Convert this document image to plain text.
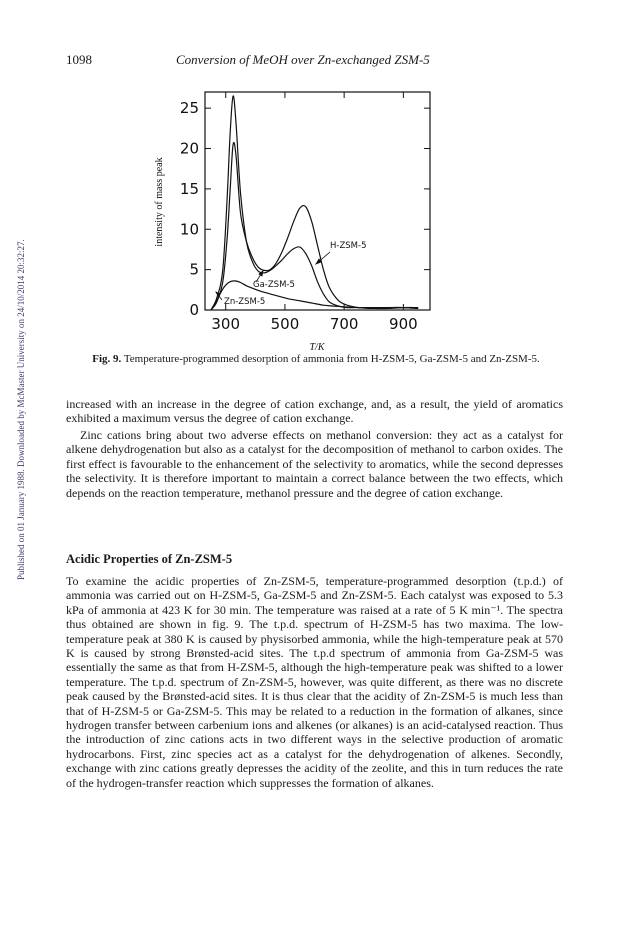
1098	Conversion of MeOH over Zn-exchanged ZSM-5
Published on 01 January 1988. Downloaded by McMaster University on 24/10/2014 20:32:27.
25
20
15
10
5
0
300 500 700 900
intensity of mass peak
T/K
H-ZSM-5
Ga-ZSM-5
Zn-ZSM-5
Fig. 9. Temperature-programmed desorption of ammonia from H-ZSM-5, Ga-ZSM-5 and Zn-ZSM-5.

increased with an increase in the degree of cation exchange, and, as a result, the yield of aromatics exhibited a maximum versus the degree of cation exchange.

Zinc cations bring about two adverse effects on methanol conversion: they act as a catalyst for alkene dehydrogenation but also as a catalyst for the decomposition of methanol to carbon oxides. The first effect is favourable to the enhancement of the selectivity to aromatics, while the second depresses the selectivity. It is therefore important to maintain a correct balance between the two effects, which depends on the reaction temperature, methanol pressure and the degree of cation exchange.

Acidic Properties of Zn-ZSM-5

To examine the acidic properties of Zn-ZSM-5, temperature-programmed desorption (t.p.d.) of ammonia was carried out on H-ZSM-5, Ga-ZSM-5 and Zn-ZSM-5. Each catalyst was exposed to 5.3 kPa of ammonia at 423 K for 30 min. The temperature was raised at a rate of 5 K min⁻¹. The spectra thus obtained are shown in fig. 9. The t.p.d. spectrum of H-ZSM-5 has two maxima. The low-temperature peak at 380 K is caused by physisorbed ammonia, while the high-temperature peak at 570 K is caused by strong Brønsted-acid sites. The t.p.d spectrum of ammonia from Ga-ZSM-5 was essentially the same as that from H-ZSM-5, although the high-temperature peak was shifted to a lower temperature. The t.p.d. spectrum of Zn-ZSM-5, however, was quite different, as there was no discrete peak caused by the Brønsted-acid sites. It is thus clear that the acidity of Zn-ZSM-5 is much less than that of H-ZSM-5 or Ga-ZSM-5. This may be related to a reduction in the formation of alkanes, since hydrogen transfer between carbenium ions and alkenes (or alkanes) is an acid-catalysed reaction. Thus the introduction of zinc cations acts in two different ways in the selective production of aromatic hydrocarbons. First, zinc species act as a catalyst for the dehydrogenation of alkenes. Secondly, exchange with zinc cations greatly depresses the acidity of the zeolite, and this in turn reduces the rate of the hydrogen-transfer reaction which suppresses the formation of alkanes.
